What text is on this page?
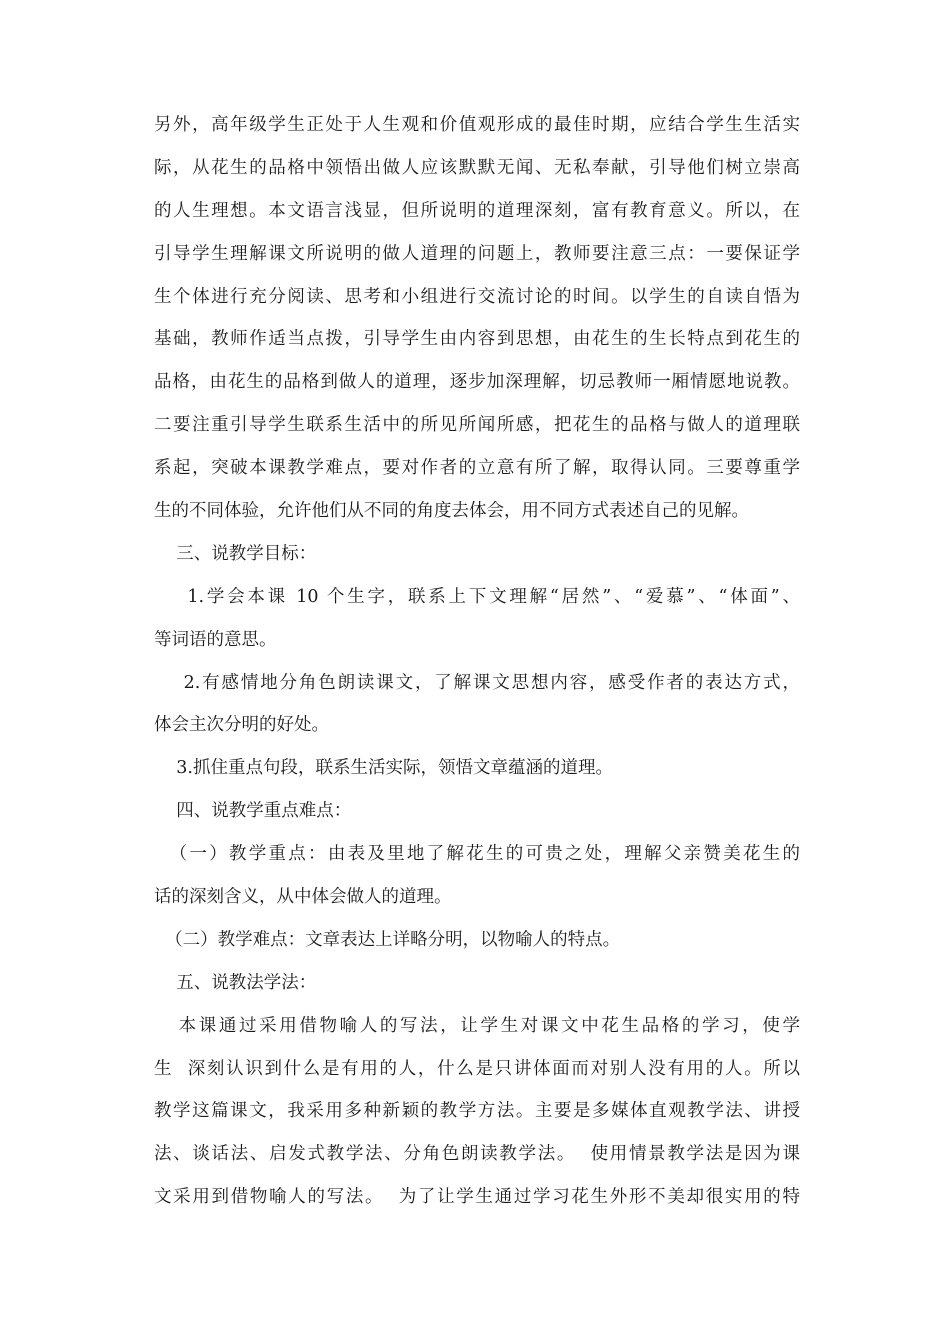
另外，高年级学生正处于人生观和价值观形成的最佳时期，应结合学生生活实
际，从花生的品格中领悟出做人应该默默无闻、无私奉献，引导他们树立崇高
的人生理想。本文语言浅显，但所说明的道理深刻，富有教育意义。所以，在
引导学生理解课文所说明的做人道理的问题上，教师要注意三点：一要保证学
生个体进行充分阅读、思考和小组进行交流讨论的时间。以学生的自读自悟为
基础，教师作适当点拨，引导学生由内容到思想，由花生的生长特点到花生的
品格，由花生的品格到做人的道理，逐步加深理解，切忌教师一厢情愿地说教。
二要注重引导学生联系生活中的所见所闻所感，把花生的品格与做人的道理联
系起，突破本课教学难点，要对作者的立意有所了解，取得认同。三要尊重学
生的不同体验，允许他们从不同的角度去体会，用不同方式表述自己的见解。
三、说教学目标：
1.学会本课 10 个生字，联系上下文理解“居然”、“爱慕”、“体面”、
等词语的意思。
2.有感情地分角色朗读课文，了解课文思想内容，感受作者的表达方式，
体会主次分明的好处。
3.抓住重点句段，联系生活实际，领悟文章蕴涵的道理。
四、说教学重点难点：
（一）教学重点：由表及里地了解花生的可贵之处，理解父亲赞美花生的
话的深刻含义，从中体会做人的道理。
（二）教学难点：文章表达上详略分明，以物喻人的特点。
五、说教法学法：
本课通过采用借物喻人的写法，让学生对课文中花生品格的学习，使学
生  深刻认识到什么是有用的人，什么是只讲体面而对别人没有用的人。所以
教学这篇课文，我采用多种新颖的教学方法。主要是多媒体直观教学法、讲授
法、谈话法、启发式教学法、分角色朗读教学法。  使用情景教学法是因为课
文采用到借物喻人的写法。  为了让学生通过学习花生外形不美却很实用的特
